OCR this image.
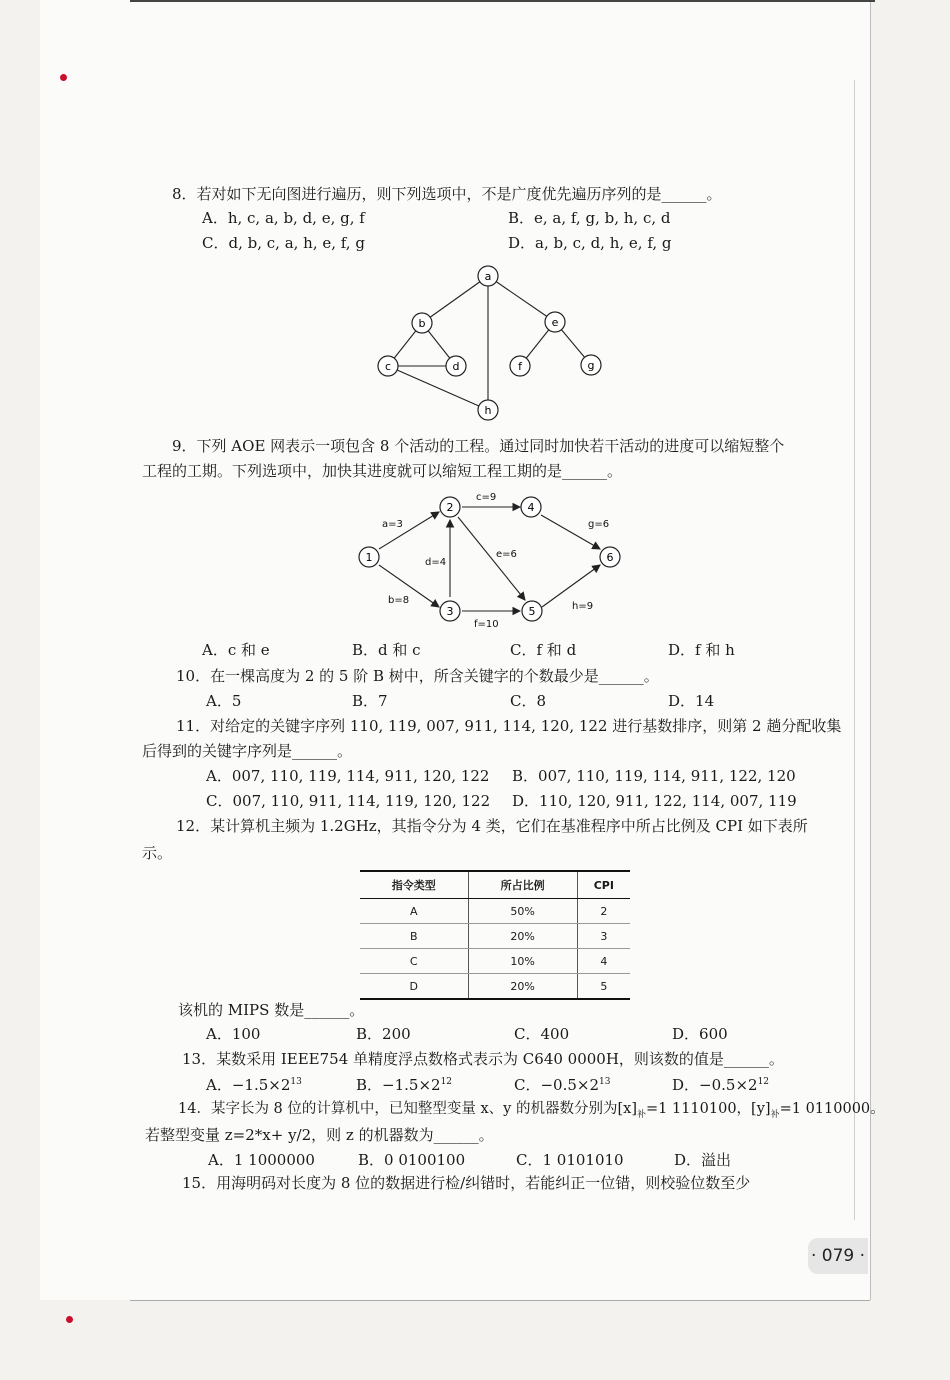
8．若对如下无向图进行遍历，则下列选项中，不是广度优先遍历序列的是______。
A．h, c, a, b, d, e, g, f	B．e, a, f, g, b, h, c, d
C．d, b, c, a, h, e, f, g	D．a, b, c, d, h, e, f, g
a
b
c	d
e
f	g
h
9．下列 AOE 网表示一项包含 8 个活动的工程。通过同时加快若干活动的进度可以缩短整个
工程的工期。下列选项中，加快其进度就可以缩短工程工期的是______。
a=3
b=8
c=9
d=4
e=6
f=10
g=6
h=9
1
2
3
4
5
6
A．c 和 e	B．d 和 c	C．f 和 d	D．f 和 h
10．在一棵高度为 2 的 5 阶 B 树中，所含关键字的个数最少是______。
A．5	B．7	C．8	D．14
11．对给定的关键字序列 110, 119, 007, 911, 114, 120, 122 进行基数排序，则第 2 趟分配收集
后得到的关键字序列是______。
A．007, 110, 119, 114, 911, 120, 122 B．007, 110, 119, 114, 911, 122, 120
C．007, 110, 911, 114, 119, 120, 122 D．110, 120, 911, 122, 114, 007, 119
12．某计算机主频为 1.2GHz，其指令分为 4 类，它们在基准程序中所占比例及 CPI 如下表所
示。
指令类型	所占比例	CPI
A	50%	2
B	20%	3
C	10%	4
D	20%	5
该机的 MIPS 数是______。
A．100	B．200	C．400	D．600
13．某数采用 IEEE754 单精度浮点数格式表示为 C640 0000H，则该数的值是______。
A．$-1.5\times 2^{13}$	B．$-1.5\times 2^{12}$	C．$-0.5\times 2^{13}$	D．$-0.5\times 2^{12}$
14．某字长为 8 位的计算机中，已知整型变量 x、y 的机器数分别为$[x]_补=1$ 1110100，$[y]_补=1$ 0110000。
若整型变量 z=2*x+ y/2，则 z 的机器数为______。
A．1 1000000	B．0 0100100	C．1 0101010	D．溢出
15．用海明码对长度为 8 位的数据进行检/纠错时，若能纠正一位错，则校验位数至少
· 079 ·
